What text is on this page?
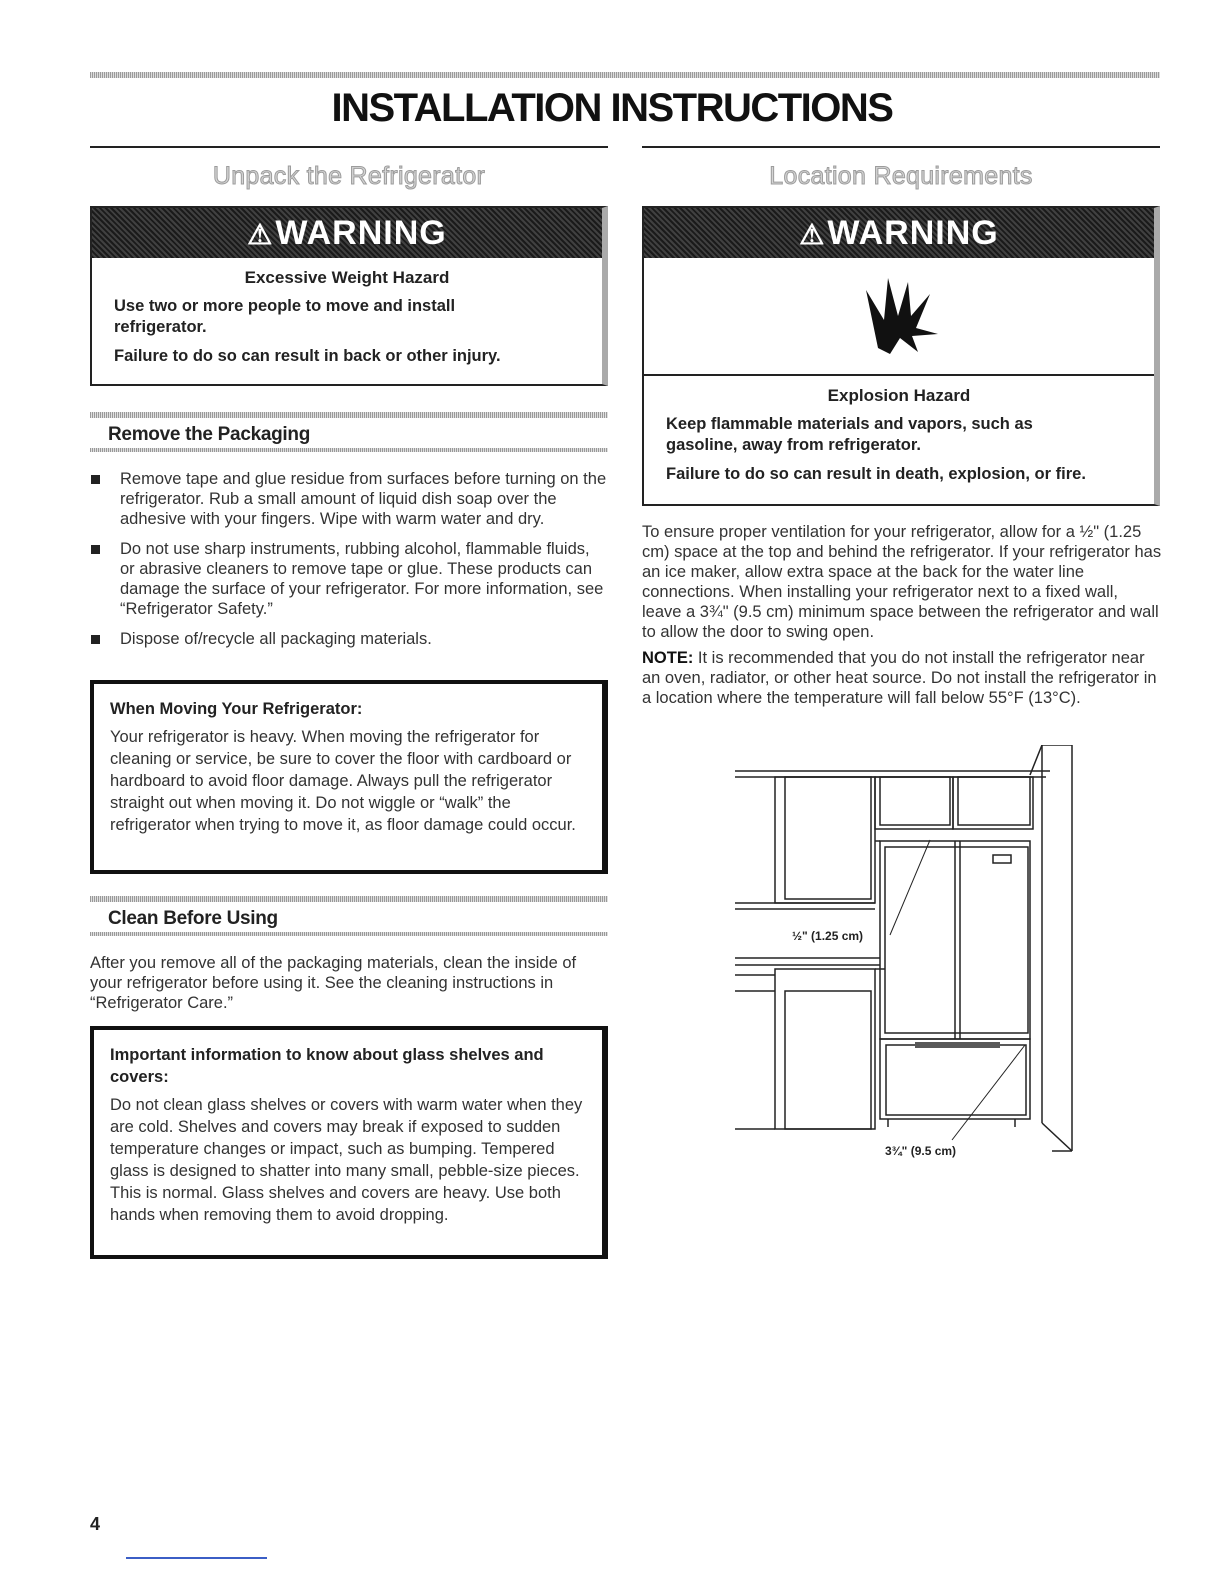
INSTALLATION INSTRUCTIONS
Unpack the Refrigerator
⚠WARNING
Excessive Weight Hazard
Use two or more people to move and install refrigerator.
Failure to do so can result in back or other injury.
Remove the Packaging
Remove tape and glue residue from surfaces before turning on the refrigerator. Rub a small amount of liquid dish soap over the adhesive with your fingers. Wipe with warm water and dry.
Do not use sharp instruments, rubbing alcohol, flammable fluids, or abrasive cleaners to remove tape or glue. These products can damage the surface of your refrigerator. For more information, see “Refrigerator Safety.”
Dispose of/recycle all packaging materials.
When Moving Your Refrigerator:
Your refrigerator is heavy. When moving the refrigerator for cleaning or service, be sure to cover the floor with cardboard or hardboard to avoid floor damage. Always pull the refrigerator straight out when moving it. Do not wiggle or “walk” the refrigerator when trying to move it, as floor damage could occur.
Clean Before Using
After you remove all of the packaging materials, clean the inside of your refrigerator before using it. See the cleaning instructions in “Refrigerator Care.”
Important information to know about glass shelves and covers:
Do not clean glass shelves or covers with warm water when they are cold. Shelves and covers may break if exposed to sudden temperature changes or impact, such as bumping. Tempered glass is designed to shatter into many small, pebble-size pieces. This is normal. Glass shelves and covers are heavy. Use both hands when removing them to avoid dropping.
Location Requirements
⚠WARNING
Explosion Hazard
Keep flammable materials and vapors, such as gasoline, away from refrigerator.
Failure to do so can result in death, explosion, or fire.
To ensure proper ventilation for your refrigerator, allow for a ½" (1.25 cm) space at the top and behind the refrigerator. If your refrigerator has an ice maker, allow extra space at the back for the water line connections. When installing your refrigerator next to a fixed wall, leave a 3¾" (9.5 cm) minimum space between the refrigerator and wall to allow the door to swing open.
NOTE: It is recommended that you do not install the refrigerator near an oven, radiator, or other heat source. Do not install the refrigerator in a location where the temperature will fall below 55°F (13°C).
½" (1.25 cm)
3¾" (9.5 cm)
4
